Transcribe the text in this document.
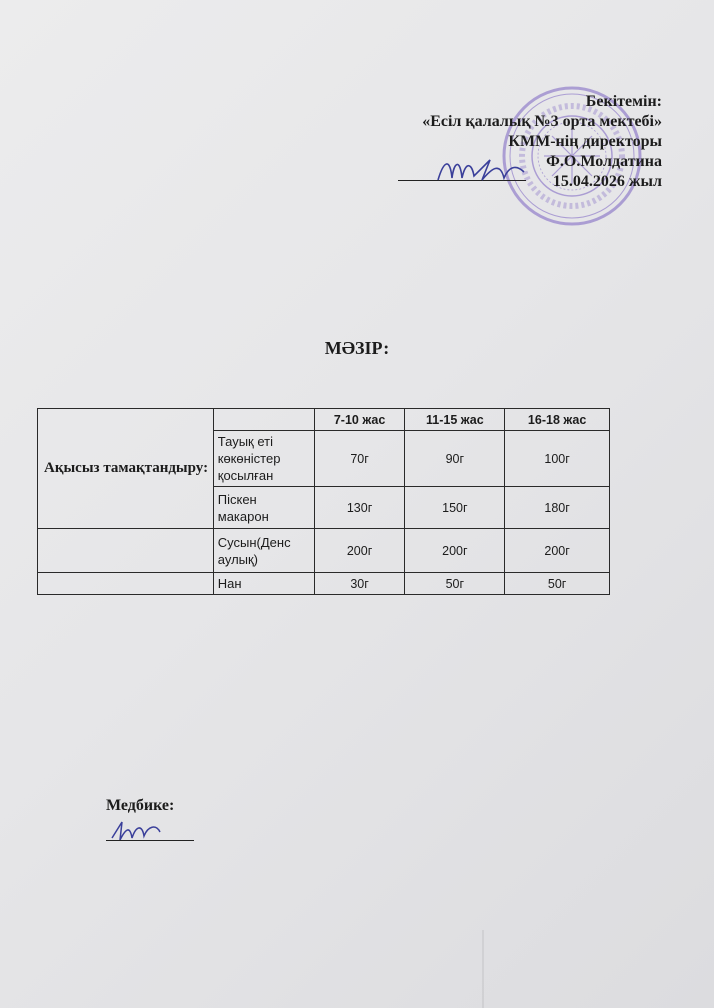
Бекітемін:
«Есіл қалалық №3 орта мектебі»
КММ-нің директоры
Ф.О.Молдатина
15.04.2026 жыл
МӘЗІР:
Ақысыз тамақтандыру:		7-10 жас	11-15 жас	16-18 жас
	Тауық еті көкөністер қосылған	70г	90г	100г
	Піскен макарон	130г	150г	180г
	Сусын(Денс аулық)	200г	200г	200г
	Нан	30г	50г	50г
Медбике:
